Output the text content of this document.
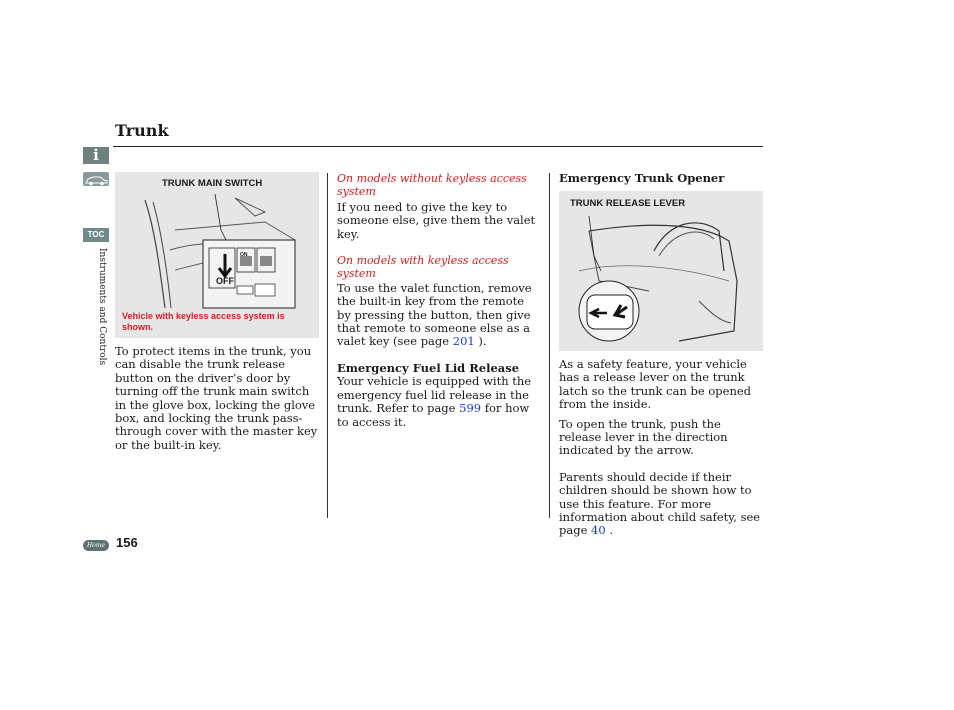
Trunk
i
TOC
Instruments and Controls
Home 156
TRUNK MAIN SWITCH
ON
OFF
Vehicle with keyless access system is shown.

To protect items in the trunk, you can disable the trunk release button on the driver’s door by turning off the trunk main switch in the glove box, locking the glove box, and locking the trunk pass-through cover with the master key or the built-in key.

On models without keyless access system

If you need to give the key to someone else, give them the valet key.

On models with keyless access system

To use the valet function, remove the built-in key from the remote by pressing the button, then give that remote to someone else as a valet key (see page 201 ).

Emergency Fuel Lid Release

Your vehicle is equipped with the emergency fuel lid release in the trunk. Refer to page 599 for how to access it.

Emergency Trunk Opener
TRUNK RELEASE LEVER

As a safety feature, your vehicle has a release lever on the trunk latch so the trunk can be opened from the inside.

To open the trunk, push the release lever in the direction indicated by the arrow.

Parents should decide if their children should be shown how to use this feature. For more information about child safety, see page 40 .
